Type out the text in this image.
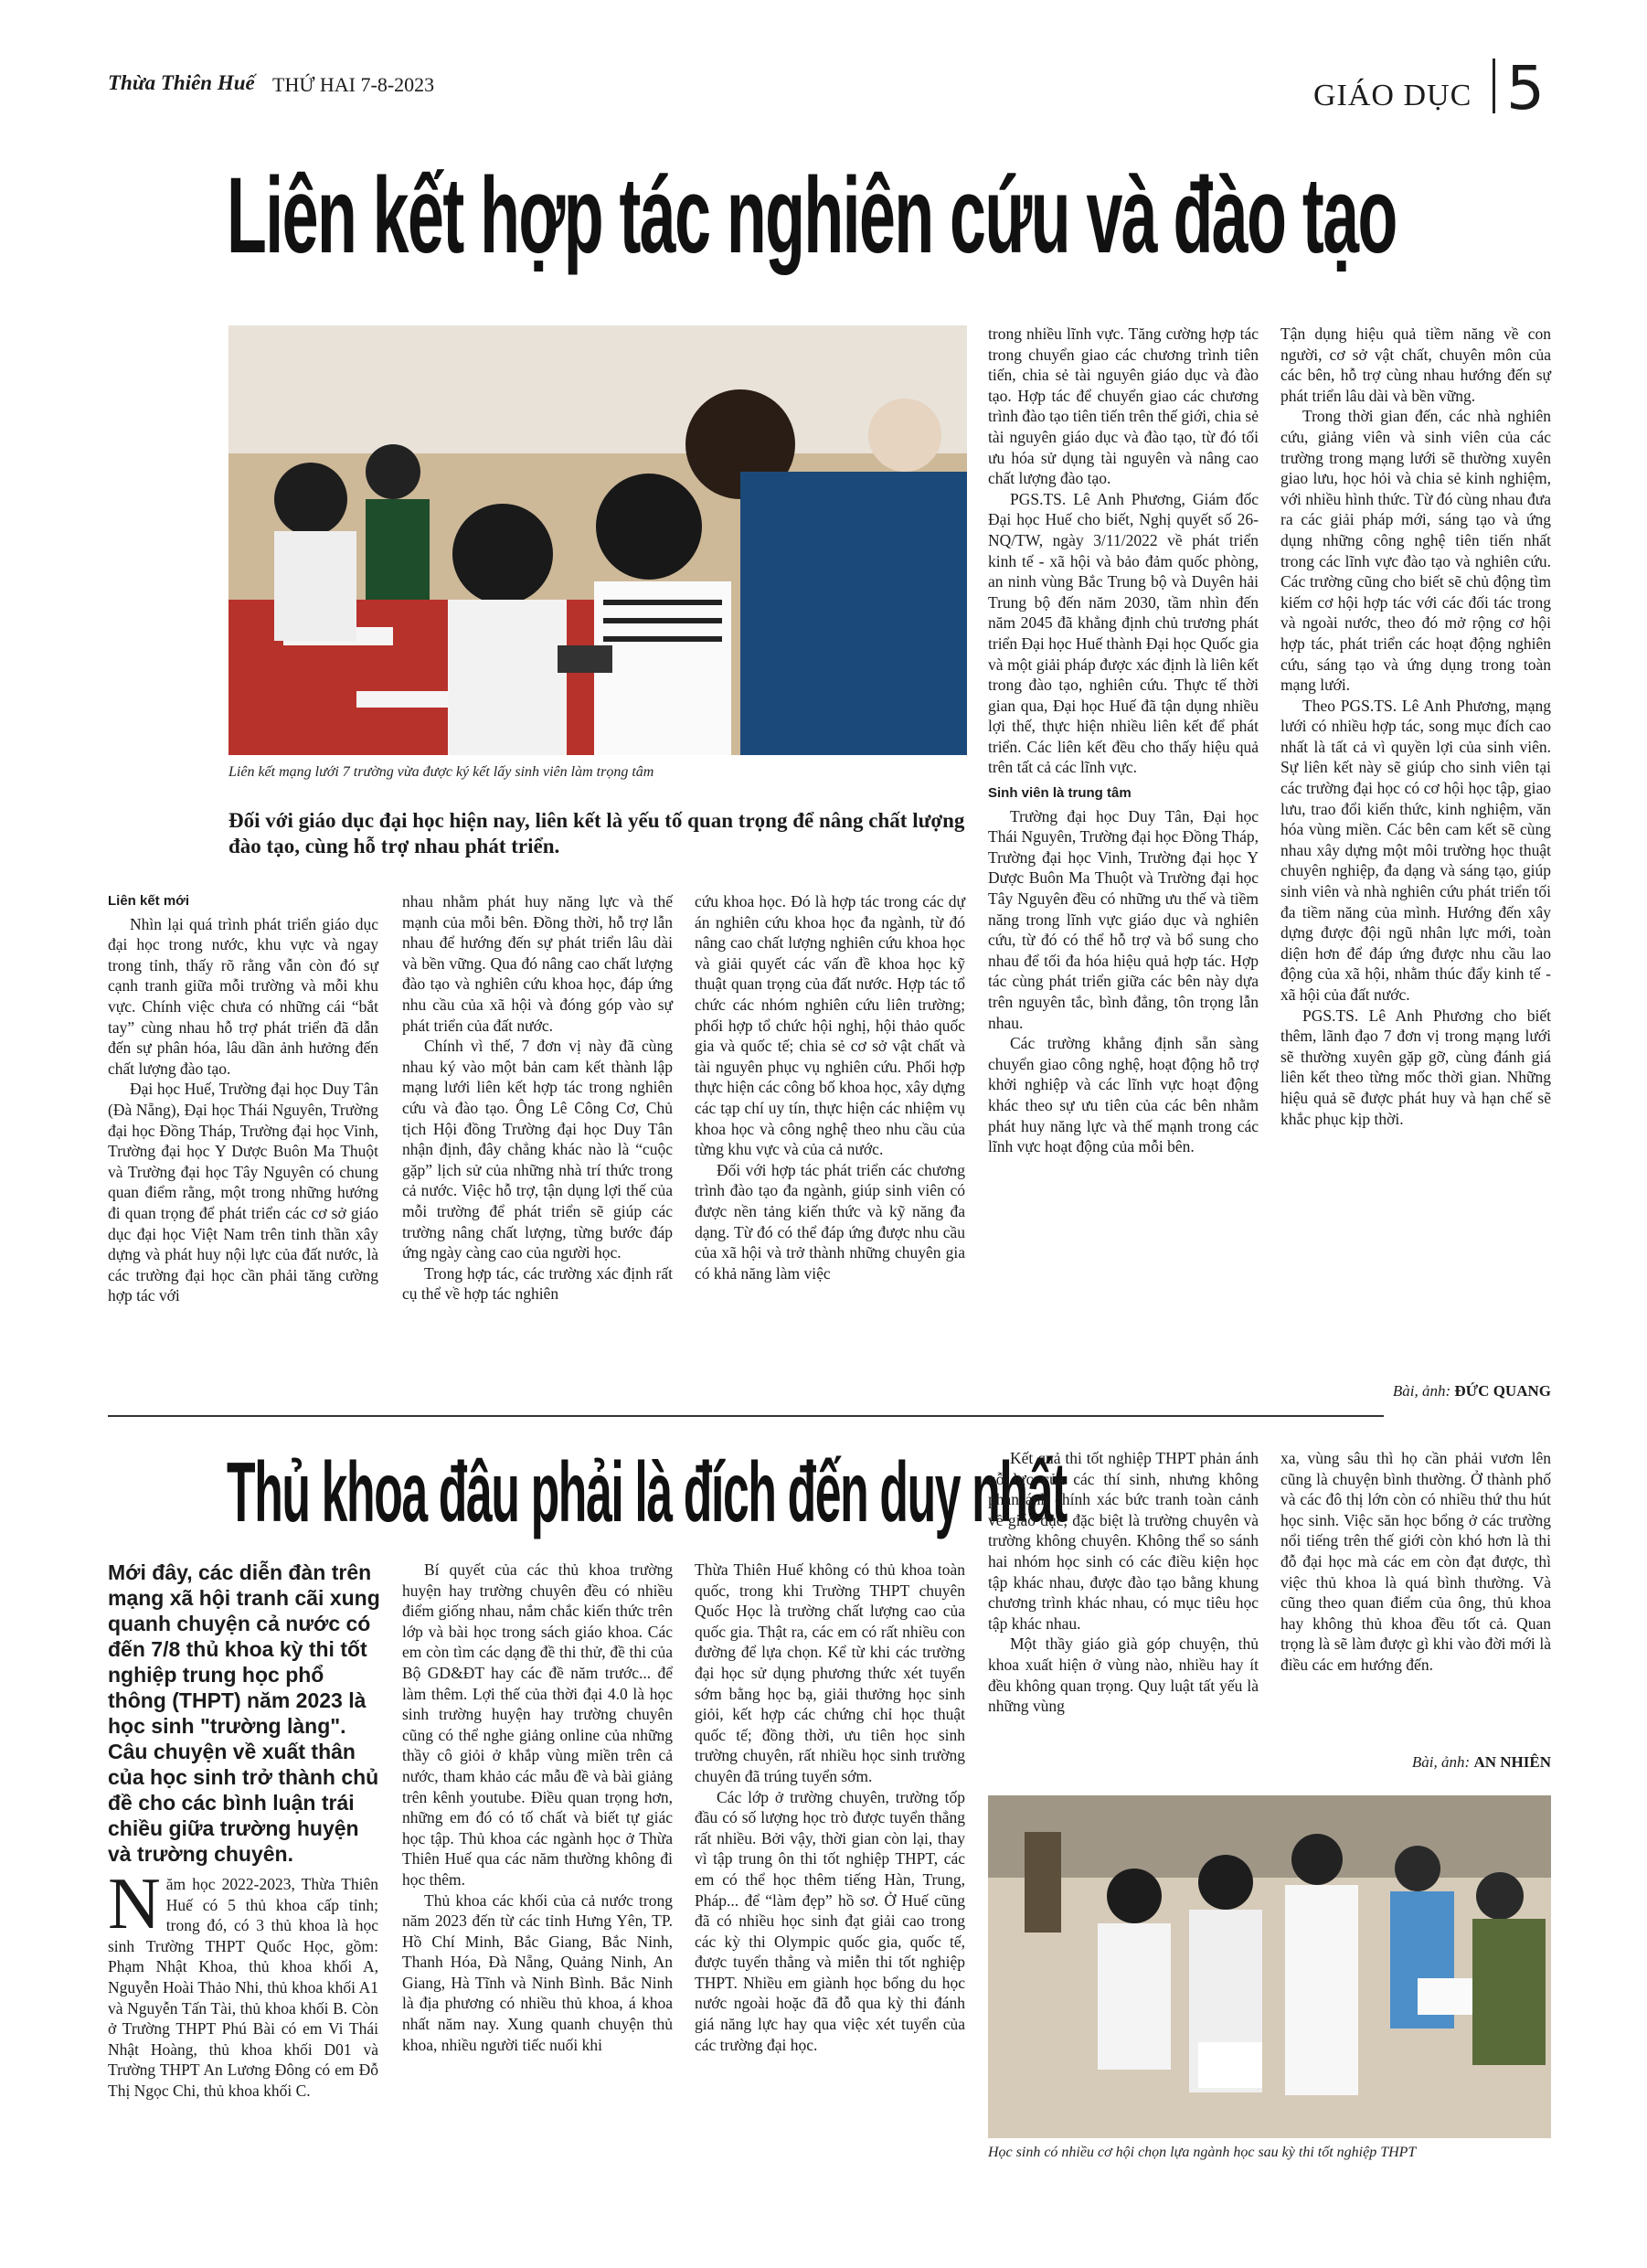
Thừa Thiên Huế THỨ HAI 7-8-2023	GIÁO DỤC 5
Liên kết hợp tác nghiên cứu và đào tạo
Liên kết mạng lưới 7 trường vừa được ký kết lấy sinh viên làm trọng tâm
Đối với giáo dục đại học hiện nay, liên kết là yếu tố quan trọng để nâng chất lượng đào tạo, cùng hỗ trợ nhau phát triển.
Liên kết mới

Nhìn lại quá trình phát triển giáo dục đại học trong nước, khu vực và ngay trong tỉnh, thấy rõ rằng vẫn còn đó sự cạnh tranh giữa mỗi trường và mỗi khu vực. Chính việc chưa có những cái “bắt tay” cùng nhau hỗ trợ phát triển đã dẫn đến sự phân hóa, lâu dần ảnh hưởng đến chất lượng đào tạo.

Đại học Huế, Trường đại học Duy Tân (Đà Nẵng), Đại học Thái Nguyên, Trường đại học Đồng Tháp, Trường đại học Vinh, Trường đại học Y Dược Buôn Ma Thuột và Trường đại học Tây Nguyên có chung quan điểm rằng, một trong những hướng đi quan trọng để phát triển các cơ sở giáo dục đại học Việt Nam trên tinh thần xây dựng và phát huy nội lực của đất nước, là các trường đại học cần phải tăng cường hợp tác với

nhau nhằm phát huy năng lực và thế mạnh của mỗi bên. Đồng thời, hỗ trợ lẫn nhau để hướng đến sự phát triển lâu dài và bền vững. Qua đó nâng cao chất lượng đào tạo và nghiên cứu khoa học, đáp ứng nhu cầu của xã hội và đóng góp vào sự phát triển của đất nước.

Chính vì thế, 7 đơn vị này đã cùng nhau ký vào một bản cam kết thành lập mạng lưới liên kết hợp tác trong nghiên cứu và đào tạo. Ông Lê Công Cơ, Chủ tịch Hội đồng Trường đại học Duy Tân nhận định, đây chẳng khác nào là “cuộc gặp” lịch sử của những nhà trí thức trong cả nước. Việc hỗ trợ, tận dụng lợi thế của mỗi trường để phát triển sẽ giúp các trường nâng chất lượng, từng bước đáp ứng ngày càng cao của người học.

Trong hợp tác, các trường xác định rất cụ thể về hợp tác nghiên

cứu khoa học. Đó là hợp tác trong các dự án nghiên cứu khoa học đa ngành, từ đó nâng cao chất lượng nghiên cứu khoa học và giải quyết các vấn đề khoa học kỹ thuật quan trọng của đất nước. Hợp tác tổ chức các nhóm nghiên cứu liên trường; phối hợp tổ chức hội nghị, hội thảo quốc gia và quốc tế; chia sẻ cơ sở vật chất và tài nguyên phục vụ nghiên cứu. Phối hợp thực hiện các công bố khoa học, xây dựng các tạp chí uy tín, thực hiện các nhiệm vụ khoa học và công nghệ theo nhu cầu của từng khu vực và của cả nước.

Đối với hợp tác phát triển các chương trình đào tạo đa ngành, giúp sinh viên có được nền tảng kiến thức và kỹ năng đa dạng. Từ đó có thể đáp ứng được nhu cầu của xã hội và trở thành những chuyên gia có khả năng làm việc

trong nhiều lĩnh vực. Tăng cường hợp tác trong chuyển giao các chương trình tiên tiến, chia sẻ tài nguyên giáo dục và đào tạo. Hợp tác để chuyển giao các chương trình đào tạo tiên tiến trên thế giới, chia sẻ tài nguyên giáo dục và đào tạo, từ đó tối ưu hóa sử dụng tài nguyên và nâng cao chất lượng đào tạo.

PGS.TS. Lê Anh Phương, Giám đốc Đại học Huế cho biết, Nghị quyết số 26-NQ/TW, ngày 3/11/2022 về phát triển kinh tế - xã hội và bảo đảm quốc phòng, an ninh vùng Bắc Trung bộ và Duyên hải Trung bộ đến năm 2030, tầm nhìn đến năm 2045 đã khẳng định chủ trương phát triển Đại học Huế thành Đại học Quốc gia và một giải pháp được xác định là liên kết trong đào tạo, nghiên cứu. Thực tế thời gian qua, Đại học Huế đã tận dụng nhiều lợi thế, thực hiện nhiều liên kết để phát triển. Các liên kết đều cho thấy hiệu quả trên tất cả các lĩnh vực.

Sinh viên là trung tâm

Trường đại học Duy Tân, Đại học Thái Nguyên, Trường đại học Đồng Tháp, Trường đại học Vinh, Trường đại học Y Dược Buôn Ma Thuột và Trường đại học Tây Nguyên đều có những ưu thế và tiềm năng trong lĩnh vực giáo dục và nghiên cứu, từ đó có thể hỗ trợ và bổ sung cho nhau để tối đa hóa hiệu quả hợp tác. Hợp tác cùng phát triển giữa các bên này dựa trên nguyên tắc, bình đẳng, tôn trọng lẫn nhau.

Các trường khẳng định sẵn sàng chuyển giao công nghệ, hoạt động hỗ trợ khởi nghiệp và các lĩnh vực hoạt động khác theo sự ưu tiên của các bên nhằm phát huy năng lực và thế mạnh trong các lĩnh vực hoạt động của mỗi bên.

Tận dụng hiệu quả tiềm năng về con người, cơ sở vật chất, chuyên môn của các bên, hỗ trợ cùng nhau hướng đến sự phát triển lâu dài và bền vững.

Trong thời gian đến, các nhà nghiên cứu, giảng viên và sinh viên của các trường trong mạng lưới sẽ thường xuyên giao lưu, học hỏi và chia sẻ kinh nghiệm, với nhiều hình thức. Từ đó cùng nhau đưa ra các giải pháp mới, sáng tạo và ứng dụng những công nghệ tiên tiến nhất trong các lĩnh vực đào tạo và nghiên cứu. Các trường cũng cho biết sẽ chủ động tìm kiếm cơ hội hợp tác với các đối tác trong và ngoài nước, theo đó mở rộng cơ hội hợp tác, phát triển các hoạt động nghiên cứu, sáng tạo và ứng dụng trong toàn mạng lưới.

Theo PGS.TS. Lê Anh Phương, mạng lưới có nhiều hợp tác, song mục đích cao nhất là tất cả vì quyền lợi của sinh viên. Sự liên kết này sẽ giúp cho sinh viên tại các trường đại học có cơ hội học tập, giao lưu, trao đổi kiến thức, kinh nghiệm, văn hóa vùng miền. Các bên cam kết sẽ cùng nhau xây dựng một môi trường học thuật chuyên nghiệp, đa dạng và sáng tạo, giúp sinh viên và nhà nghiên cứu phát triển tối đa tiềm năng của mình. Hướng đến xây dựng được đội ngũ nhân lực mới, toàn diện hơn để đáp ứng được nhu cầu lao động của xã hội, nhằm thúc đẩy kinh tế - xã hội của đất nước.

PGS.TS. Lê Anh Phương cho biết thêm, lãnh đạo 7 đơn vị trong mạng lưới sẽ thường xuyên gặp gỡ, cùng đánh giá liên kết theo từng mốc thời gian. Những hiệu quả sẽ được phát huy và hạn chế sẽ khắc phục kịp thời.

Bài, ảnh: ĐỨC QUANG
Thủ khoa đâu phải là đích đến duy nhất
Mới đây, các diễn đàn trên mạng xã hội tranh cãi xung quanh chuyện cả nước có đến 7/8 thủ khoa kỳ thi tốt nghiệp trung học phổ thông (THPT) năm 2023 là học sinh "trường làng". Câu chuyện về xuất thân của học sinh trở thành chủ đề cho các bình luận trái chiều giữa trường huyện và trường chuyên.

Năm học 2022-2023, Thừa Thiên Huế có 5 thủ khoa cấp tỉnh; trong đó, có 3 thủ khoa là học sinh Trường THPT Quốc Học, gồm: Phạm Nhật Khoa, thủ khoa khối A, Nguyễn Hoài Thảo Nhi, thủ khoa khối A1 và Nguyễn Tấn Tài, thủ khoa khối B. Còn ở Trường THPT Phú Bài có em Vi Thái Nhật Hoàng, thủ khoa khối D01 và Trường THPT An Lương Đông có em Đỗ Thị Ngọc Chi, thủ khoa khối C.

Bí quyết của các thủ khoa trường huyện hay trường chuyên đều có nhiều điểm giống nhau, nắm chắc kiến thức trên lớp và bài học trong sách giáo khoa. Các em còn tìm các dạng đề thi thử, đề thi của Bộ GD&ĐT hay các đề năm trước... để làm thêm. Lợi thế của thời đại 4.0 là học sinh trường huyện hay trường chuyên cũng có thể nghe giảng online của những thầy cô giỏi ở khắp vùng miền trên cả nước, tham khảo các mẫu đề và bài giảng trên kênh youtube. Điều quan trọng hơn, những em đó có tố chất và biết tự giác học tập. Thủ khoa các ngành học ở Thừa Thiên Huế qua các năm thường không đi học thêm.

Thủ khoa các khối của cả nước trong năm 2023 đến từ các tỉnh Hưng Yên, TP. Hồ Chí Minh, Bắc Giang, Bắc Ninh, Thanh Hóa, Đà Nẵng, Quảng Ninh, An Giang, Hà Tĩnh và Ninh Bình. Bắc Ninh là địa phương có nhiều thủ khoa, á khoa nhất năm nay. Xung quanh chuyện thủ khoa, nhiều người tiếc nuối khi

Thừa Thiên Huế không có thủ khoa toàn quốc, trong khi Trường THPT chuyên Quốc Học là trường chất lượng cao của quốc gia. Thật ra, các em có rất nhiều con đường để lựa chọn. Kể từ khi các trường đại học sử dụng phương thức xét tuyển sớm bằng học bạ, giải thưởng học sinh giỏi, kết hợp các chứng chỉ học thuật quốc tế; đồng thời, ưu tiên học sinh trường chuyên, rất nhiều học sinh trường chuyên đã trúng tuyển sớm.

Các lớp ở trường chuyên, trường tốp đầu có số lượng học trò được tuyển thẳng rất nhiều. Bởi vậy, thời gian còn lại, thay vì tập trung ôn thi tốt nghiệp THPT, các em có thể học thêm tiếng Hàn, Trung, Pháp... để “làm đẹp” hồ sơ. Ở Huế cũng đã có nhiều học sinh đạt giải cao trong các kỳ thi Olympic quốc gia, quốc tế, được tuyển thẳng và miễn thi tốt nghiệp THPT. Nhiều em giành học bổng du học nước ngoài hoặc đã đỗ qua kỳ thi đánh giá năng lực hay qua việc xét tuyển của các trường đại học.

Kết quả thi tốt nghiệp THPT phản ánh nỗ lực của các thí sinh, nhưng không phản ánh chính xác bức tranh toàn cảnh về giáo dục, đặc biệt là trường chuyên và trường không chuyên. Không thể so sánh hai nhóm học sinh có các điều kiện học tập khác nhau, được đào tạo bằng khung chương trình khác nhau, có mục tiêu học tập khác nhau.

Một thầy giáo già góp chuyện, thủ khoa xuất hiện ở vùng nào, nhiều hay ít đều không quan trọng. Quy luật tất yếu là những vùng

xa, vùng sâu thì họ cần phải vươn lên cũng là chuyện bình thường. Ở thành phố và các đô thị lớn còn có nhiều thứ thu hút học sinh. Việc săn học bổng ở các trường nổi tiếng trên thế giới còn khó hơn là thi đỗ đại học mà các em còn đạt được, thì việc thủ khoa là quá bình thường. Và cũng theo quan điểm của ông, thủ khoa hay không thủ khoa đều tốt cả. Quan trọng là sẽ làm được gì khi vào đời mới là điều các em hướng đến.

Bài, ảnh: AN NHIÊN
Học sinh có nhiều cơ hội chọn lựa ngành học sau kỳ thi tốt nghiệp THPT
